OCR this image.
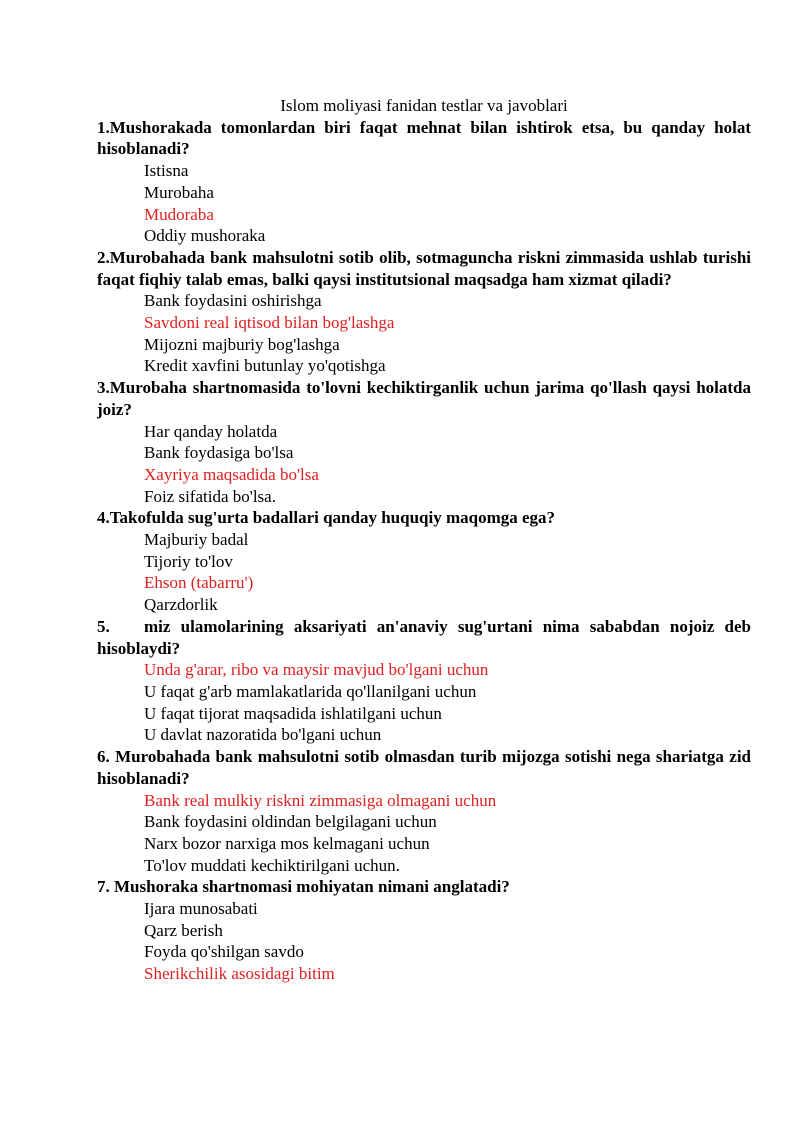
Islom moliyasi fanidan testlar va javoblari

1.Mushorakada tomonlardan biri faqat mehnat bilan ishtirok etsa, bu qanday holat hisoblanadi?

Istisna
Murobaha
Mudoraba
Oddiy mushoraka

2.Murobahada bank mahsulotni sotib olib, sotmaguncha riskni zimmasida ushlab turishi faqat fiqhiy talab emas, balki qaysi institutsional maqsadga ham xizmat qiladi?

Bank foydasini oshirishga
Savdoni real iqtisod bilan bog'lashga
Mijozni majburiy bog'lashga
Kredit xavfini butunlay yo'qotishga

3.Murobaha shartnomasida to'lovni kechiktirganlik uchun jarima qo'llash qaysi holatda joiz?

Har qanday holatda
Bank foydasiga bo'lsa
Xayriya maqsadida bo'lsa
Foiz sifatida bo'lsa.

4.Takofulda sug'urta badallari qanday huquqiy maqomga ega?

Majburiy badal
Tijoriy to'lov
Ehson (tabarru')
Qarzdorlik

5. miz ulamolarining aksariyati an'anaviy sug'urtani nima sababdan nojoiz deb hisoblaydi?

Unda g'arar, ribo va maysir mavjud bo'lgani uchun
U faqat g'arb mamlakatlarida qo'llanilgani uchun
U faqat tijorat maqsadida ishlatilgani uchun
U davlat nazoratida bo'lgani uchun

6. Murobahada bank mahsulotni sotib olmasdan turib mijozga sotishi nega shariatga zid hisoblanadi?

Bank real mulkiy riskni zimmasiga olmagani uchun
Bank foydasini oldindan belgilagani uchun
Narx bozor narxiga mos kelmagani uchun
To'lov muddati kechiktirilgani uchun.

7. Mushoraka shartnomasi mohiyatan nimani anglatadi?

Ijara munosabati
Qarz berish
Foyda qo'shilgan savdo
Sherikchilik asosidagi bitim
